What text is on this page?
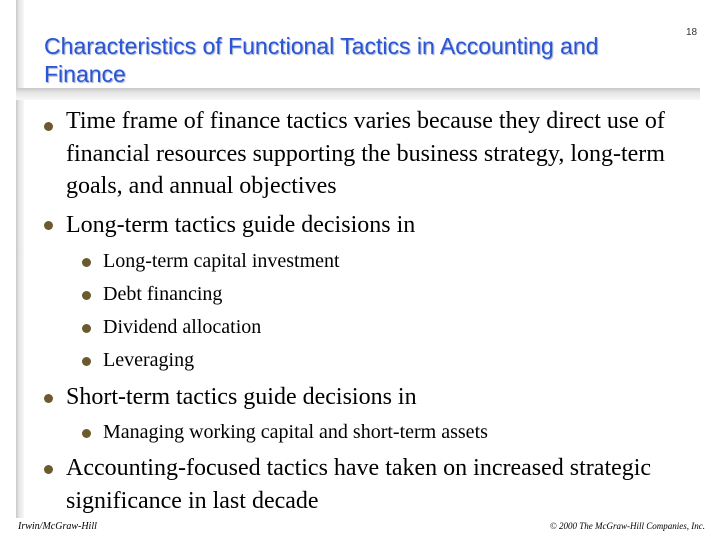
18
Characteristics of Functional Tactics in Accounting and Finance
Time frame of finance tactics varies because they direct use of financial resources supporting the business strategy, long-term goals, and annual objectives
Long-term tactics guide decisions in
Long-term capital investment
Debt financing
Dividend allocation
Leveraging
Short-term tactics guide decisions in
Managing working capital and short-term assets
Accounting-focused tactics have taken on increased strategic significance in last decade
Irwin/McGraw-Hill	© 2000 The McGraw-Hill Companies, Inc.
